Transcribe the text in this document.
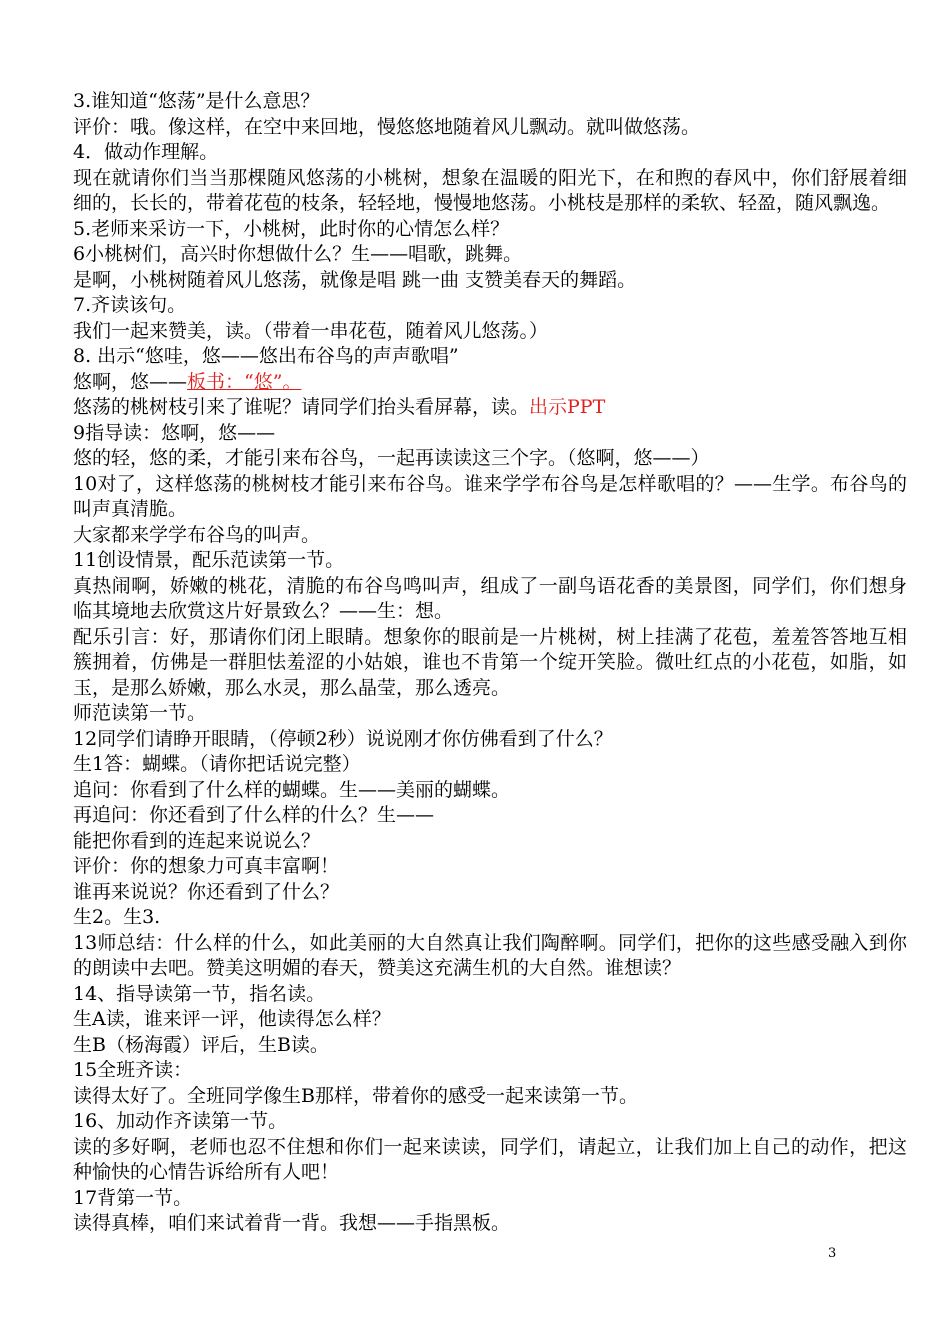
3.谁知道“悠荡”是什么意思？

评价：哦。像这样，在空中来回地，慢悠悠地随着风儿飘动。就叫做悠荡。

4．做动作理解。

现在就请你们当当那棵随风悠荡的小桃树，想象在温暖的阳光下，在和煦的春风中，你们舒展着细细的，长长的，带着花苞的枝条，轻轻地，慢慢地悠荡。小桃枝是那样的柔软、轻盈，随风飘逸。

5.老师来采访一下，小桃树，此时你的心情怎么样？

6小桃树们，高兴时你想做什么？生——唱歌，跳舞。

是啊，小桃树随着风儿悠荡，就像是唱 跳一曲 支赞美春天的舞蹈。

7.齐读该句。

我们一起来赞美，读。（带着一串花苞，随着风儿悠荡。）

8. 出示“悠哇，悠——悠出布谷鸟的声声歌唱”

悠啊，悠——板书：“悠”。

悠荡的桃树枝引来了谁呢？请同学们抬头看屏幕，读。出示PPT

9指导读：悠啊，悠——

悠的轻，悠的柔，才能引来布谷鸟，一起再读读这三个字。（悠啊，悠——）

10对了，这样悠荡的桃树枝才能引来布谷鸟。谁来学学布谷鸟是怎样歌唱的？——生学。布谷鸟的叫声真清脆。

大家都来学学布谷鸟的叫声。

11创设情景，配乐范读第一节。

真热闹啊，娇嫩的桃花，清脆的布谷鸟鸣叫声，组成了一副鸟语花香的美景图，同学们，你们想身临其境地去欣赏这片好景致么？——生：想。

配乐引言：好，那请你们闭上眼睛。想象你的眼前是一片桃树，树上挂满了花苞，羞羞答答地互相簇拥着，仿佛是一群胆怯羞涩的小姑娘，谁也不肯第一个绽开笑脸。微吐红点的小花苞，如脂，如玉，是那么娇嫩，那么水灵，那么晶莹，那么透亮。

师范读第一节。

12同学们请睁开眼睛，（停顿2秒）说说刚才你仿佛看到了什么？

生1答：蝴蝶。（请你把话说完整）

追问：你看到了什么样的蝴蝶。生——美丽的蝴蝶。

再追问：你还看到了什么样的什么？生——

能把你看到的连起来说说么？

评价：你的想象力可真丰富啊！

谁再来说说？你还看到了什么？

生2。生3.

13师总结：什么样的什么，如此美丽的大自然真让我们陶醉啊。同学们，把你的这些感受融入到你的朗读中去吧。赞美这明媚的春天，赞美这充满生机的大自然。谁想读？

14、指导读第一节，指名读。

生A读，谁来评一评，他读得怎么样？

生B（杨海霞）评后，生B读。

15全班齐读：

读得太好了。全班同学像生B那样，带着你的感受一起来读第一节。

16、加动作齐读第一节。

读的多好啊，老师也忍不住想和你们一起来读读，同学们，请起立，让我们加上自己的动作，把这种愉快的心情告诉给所有人吧！

17背第一节。

读得真棒，咱们来试着背一背。我想——手指黑板。

3
